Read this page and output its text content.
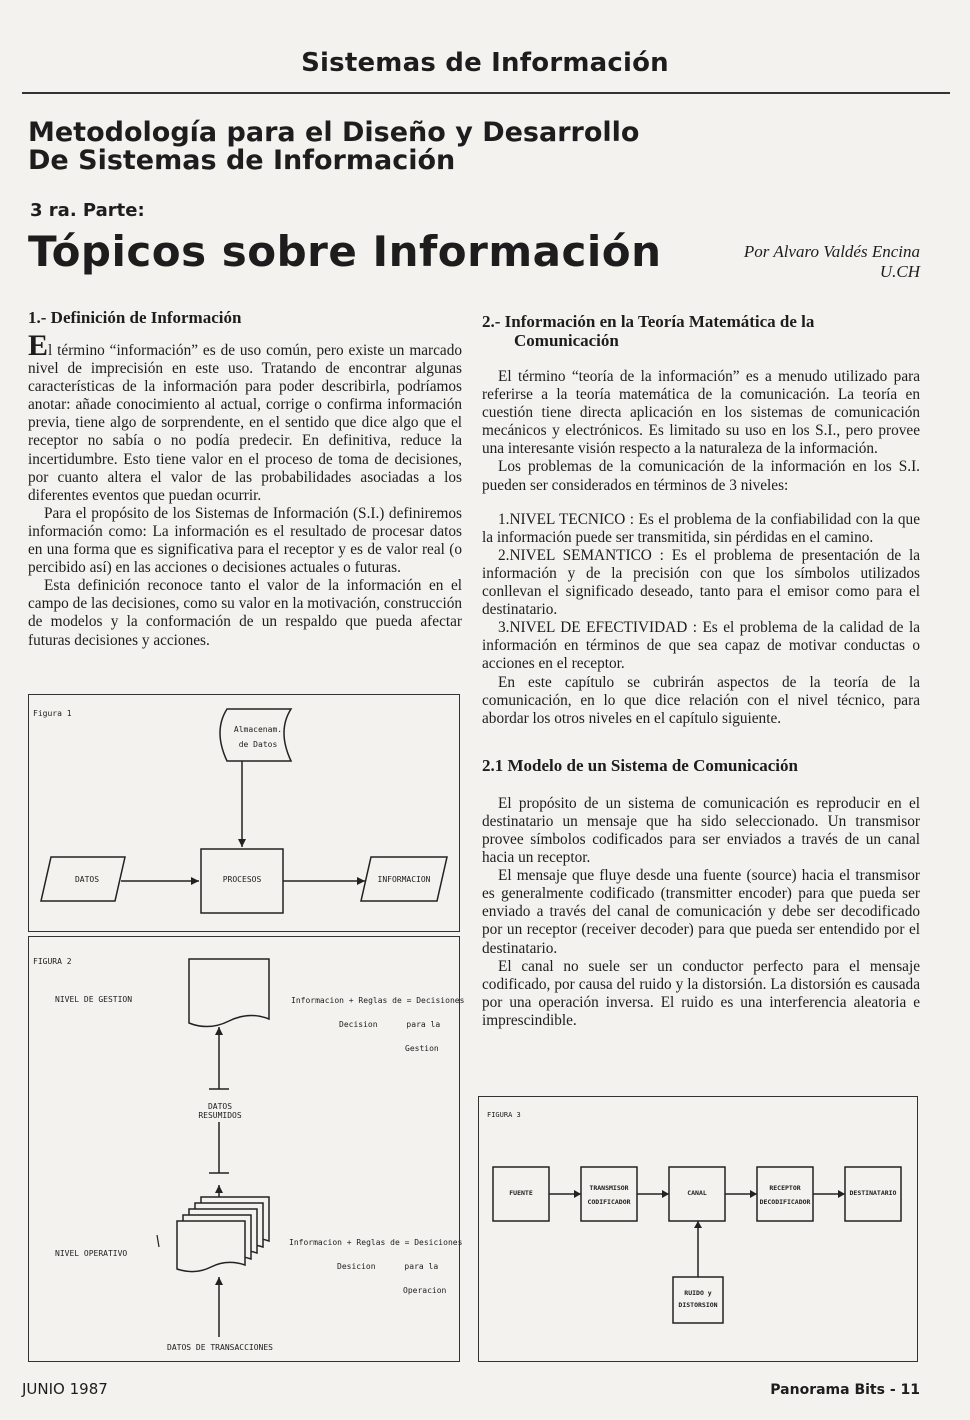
Sistemas de Información
Metodología para el Diseño y Desarrollo
De Sistemas de Información
3 ra. Parte:
Tópicos sobre Información	Por Alvaro Valdés Encina
U.CH
1.- Definición de Información

El término “información” es de uso común, pero existe un marcado nivel de imprecisión en este uso. Tratando de encontrar algunas características de la información para poder describirla, podríamos anotar: añade conocimiento al actual, corrige o confirma información previa, tiene algo de sorprendente, en el sentido que dice algo que el receptor no sabía o no podía predecir. En definitiva, reduce la incertidumbre. Esto tiene valor en el proceso de toma de decisiones, por cuanto altera el valor de las probabilidades asociadas a los diferentes eventos que puedan ocurrir.

Para el propósito de los Sistemas de Información (S.I.) definiremos información como: La información es el resultado de procesar datos en una forma que es significativa para el receptor y es de valor real (o percibido así) en las acciones o decisiones actuales o futuras.

Esta definición reconoce tanto el valor de la información en el campo de las decisiones, como su valor en la motivación, construcción de modelos y la conformación de un respaldo que pueda afectar futuras decisiones y acciones.

Figura 1
Almacenam.
de Datos
DATOS	PROCESOS	INFORMACION
FIGURA 2
NIVEL DE GESTION
NIVEL OPERATIVO

Informacion + Reglas de = Decisiones

Decision      para la

Gestion

Informacion + Reglas de = Desiciones

Desicion      para la

Operacion

DATOS RESUMIDOS
DATOS DE TRANSACCIONES
2.- Información en la Teoría Matemática de la Comunicación

El término “teoría de la información” es a menudo utilizado para referirse a la teoría matemática de la comunicación. La teoría en cuestión tiene directa aplicación en los sistemas de comunicación mecánicos y electrónicos. Es limitado su uso en los S.I., pero provee una interesante visión respecto a la naturaleza de la información.

Los problemas de la comunicación de la información en los S.I. pueden ser considerados en términos de 3 niveles:

1.NIVEL TECNICO : Es el problema de la confiabilidad con la que la información puede ser transmitida, sin pérdidas en el camino.

2.NIVEL SEMANTICO : Es el problema de presentación de la información y de la precisión con que los símbolos utilizados conllevan el significado deseado, tanto para el emisor como para el destinatario.

3.NIVEL DE EFECTIVIDAD : Es el problema de la calidad de la información en términos de que sea capaz de motivar conductas o acciones en el receptor.

En este capítulo se cubrirán aspectos de la teoría de la comunicación, en lo que dice relación con el nivel técnico, para abordar los otros niveles en el capítulo siguiente.

2.1 Modelo de un Sistema de Comunicación

El propósito de un sistema de comunicación es reproducir en el destinatario un mensaje que ha sido seleccionado. Un transmisor provee símbolos codificados para ser enviados a través de un canal hacia un receptor.

El mensaje que fluye desde una fuente (source) hacia el transmisor es generalmente codificado (transmitter encoder) para que pueda ser enviado a través del canal de comunicación y debe ser decodificado por un receptor (receiver decoder) para que pueda ser entendido por el destinatario.

El canal no suele ser un conductor perfecto para el mensaje codificado, por causa del ruido y la distorsión. La distorsión es causada por una operación inversa. El ruido es una interferencia aleatoria e imprescindible.

FIGURA 3
FUENTE
TRANSMISOR
CODIFICADOR
CANAL
RECEPTOR
DECODIFICADOR
DESTINATARIO
RUIDO y
DISTORSION
JUNIO 1987	Panorama Bits - 11
